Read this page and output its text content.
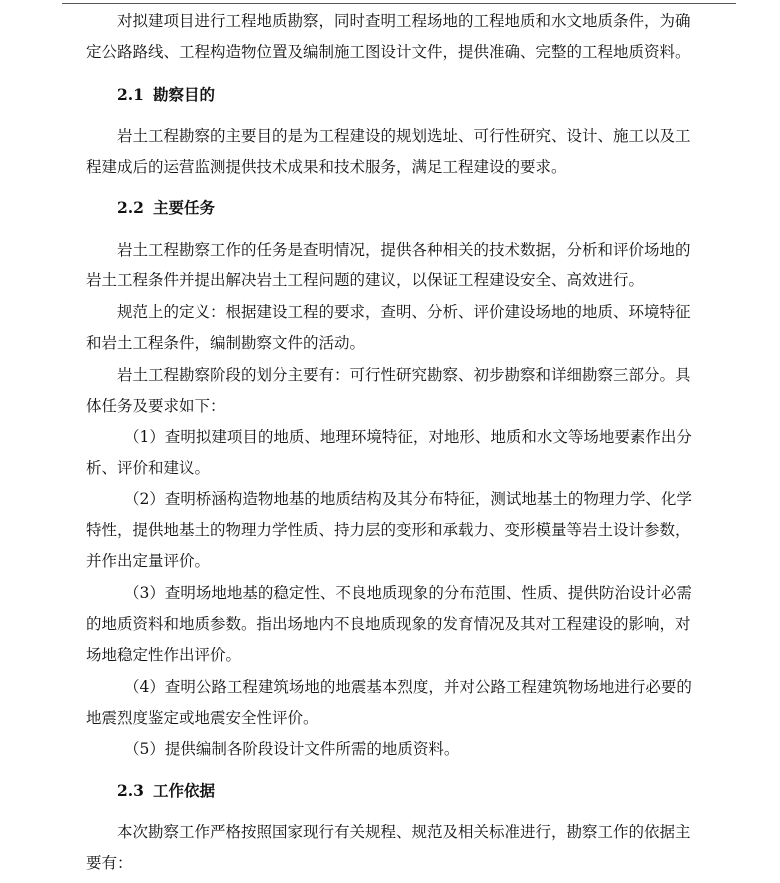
对拟建项目进行工程地质勘察，同时查明工程场地的工程地质和水文地质条件，为确
定公路路线、工程构造物位置及编制施工图设计文件，提供准确、完整的工程地质资料。
2.1 勘察目的
岩土工程勘察的主要目的是为工程建设的规划选址、可行性研究、设计、施工以及工
程建成后的运营监测提供技术成果和技术服务，满足工程建设的要求。
2.2 主要任务
岩土工程勘察工作的任务是查明情况，提供各种相关的技术数据，分析和评价场地的
岩土工程条件并提出解决岩土工程问题的建议，以保证工程建设安全、高效进行。
规范上的定义：根据建设工程的要求，查明、分析、评价建设场地的地质、环境特征
和岩土工程条件，编制勘察文件的活动。
岩土工程勘察阶段的划分主要有：可行性研究勘察、初步勘察和详细勘察三部分。具
体任务及要求如下：
（1）查明拟建项目的地质、地理环境特征，对地形、地质和水文等场地要素作出分
析、评价和建议。
（2）查明桥涵构造物地基的地质结构及其分布特征，测试地基土的物理力学、化学
特性，提供地基土的物理力学性质、持力层的变形和承载力、变形模量等岩土设计参数，
并作出定量评价。
（3）查明场地地基的稳定性、不良地质现象的分布范围、性质、提供防治设计必需
的地质资料和地质参数。指出场地内不良地质现象的发育情况及其对工程建设的影响，对
场地稳定性作出评价。
（4）查明公路工程建筑场地的地震基本烈度，并对公路工程建筑物场地进行必要的
地震烈度鉴定或地震安全性评价。
（5）提供编制各阶段设计文件所需的地质资料。
2.3 工作依据
本次勘察工作严格按照国家现行有关规程、规范及相关标准进行，勘察工作的依据主
要有：
